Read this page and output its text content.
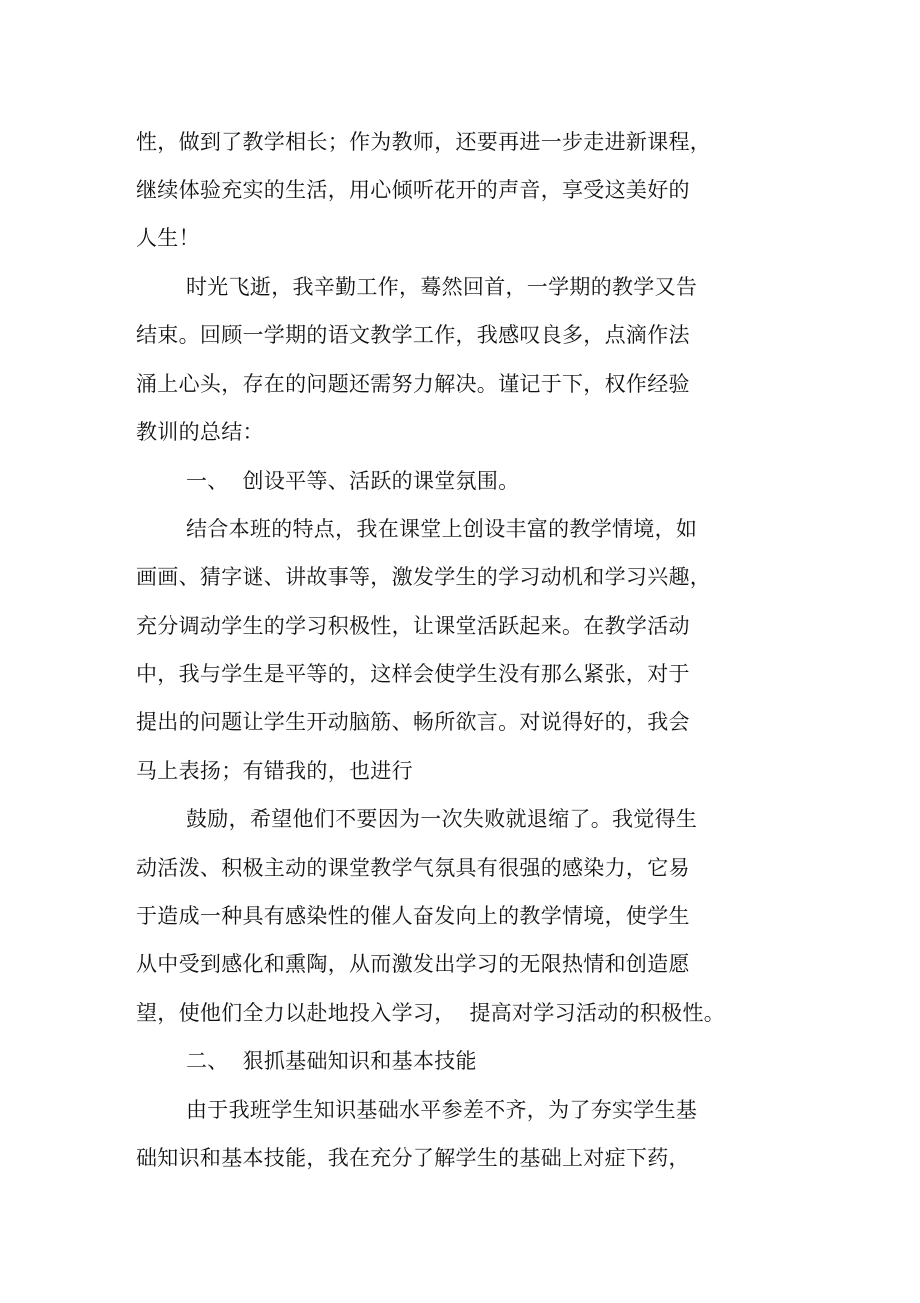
性，做到了教学相长；作为教师，还要再进一步走进新课程，
继续体验充实的生活，用心倾听花开的声音，享受这美好的
人生！
时光飞逝，我辛勤工作，蓦然回首，一学期的教学又告
结束。回顾一学期的语文教学工作，我感叹良多，点滴作法
涌上心头，存在的问题还需努力解决。谨记于下，权作经验
教训的总结：
一、  创设平等、活跃的课堂氛围。
结合本班的特点，我在课堂上创设丰富的教学情境，如
画画、猜字谜、讲故事等，激发学生的学习动机和学习兴趣，
充分调动学生的学习积极性，让课堂活跃起来。在教学活动
中，我与学生是平等的，这样会使学生没有那么紧张，对于
提出的问题让学生开动脑筋、畅所欲言。对说得好的，我会
马上表扬；有错我的，也进行
鼓励，希望他们不要因为一次失败就退缩了。我觉得生
动活泼、积极主动的课堂教学气氛具有很强的感染力，它易
于造成一种具有感染性的催人奋发向上的教学情境，使学生
从中受到感化和熏陶，从而激发出学习的无限热情和创造愿
望，使他们全力以赴地投入学习，  提高对学习活动的积极性。
二、  狠抓基础知识和基本技能
由于我班学生知识基础水平参差不齐，为了夯实学生基
础知识和基本技能，我在充分了解学生的基础上对症下药，
